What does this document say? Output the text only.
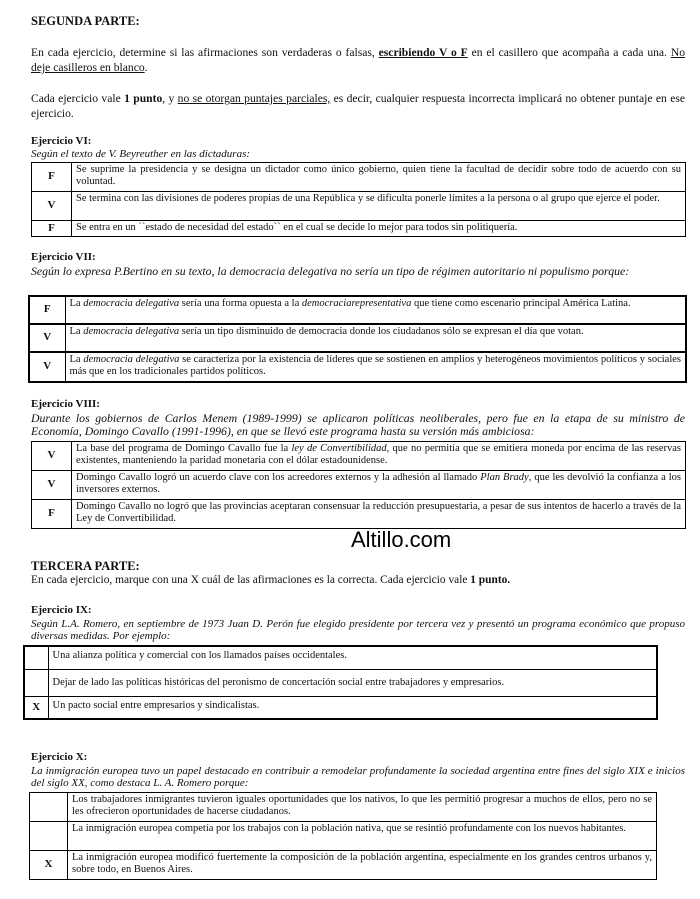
SEGUNDA PARTE:
En cada ejercicio, determine si las afirmaciones son verdaderas o falsas, escribiendo V o F en el casillero que acompaña a cada una. No deje casilleros en blanco.
Cada ejercicio vale 1 punto, y no se otorgan puntajes parciales, es decir, cualquier respuesta incorrecta implicará no obtener puntaje en ese ejercicio.
Ejercicio VI:
Según el texto de V. Beyreuther en las dictaduras:
F	Se suprime la presidencia y se designa un dictador como único gobierno, quien tiene la facultad de decidir sobre todo de acuerdo con su voluntad.
V	Se termina con las divisiones de poderes propias de una República y se dificulta ponerle límites a la persona o al grupo que ejerce el poder.
F	Se entra en un ``estado de necesidad del estado`` en el cual se decide lo mejor para todos sin politiquería.
Ejercicio VII:
Según lo expresa P.Bertino en su texto, la democracia delegativa no sería un tipo de régimen autoritario ni populismo porque:
F	La democracia delegativa sería una forma opuesta a la democraciarepresentativa que tiene como escenario principal América Latina.
V	La democracia delegativa sería un tipo disminuido de democracia donde los ciudadanos sólo se expresan el día que votan.
V	La democracia delegativa se caracteriza por la existencia de líderes que se sostienen en amplios y heterogéneos movimientos políticos y sociales más que en los tradicionales partidos políticos.
Ejercicio VIII:
Durante los gobiernos de Carlos Menem (1989-1999) se aplicaron políticas neoliberales, pero fue en la etapa de su ministro de Economía, Domingo Cavallo (1991-1996), en que se llevó este programa hasta su versión más ambiciosa:
V	La base del programa de Domingo Cavallo fue la ley de Convertibilidad, que no permitía que se emitiera moneda por encima de las reservas existentes, manteniendo la paridad monetaria con el dólar estadounidense.
V	Domingo Cavallo logró un acuerdo clave con los acreedores externos y la adhesión al llamado Plan Brady, que les devolvió la confianza a los inversores externos.
F	Domingo Cavallo no logró que las provincias aceptaran consensuar la reducción presupuestaria, a pesar de sus intentos de hacerlo a través de la Ley de Convertibilidad.
TERCERA PARTE:
En cada ejercicio, marque con una X cuál de las afirmaciones es la correcta. Cada ejercicio vale 1 punto.
Ejercicio IX:
Según L.A. Romero, en septiembre de 1973 Juan D. Perón fue elegido presidente por tercera vez y presentó un programa económico que propuso diversas medidas. Por ejemplo:
	Una alianza política y comercial con los llamados países occidentales.
	Dejar de lado las políticas históricas del peronismo de concertación social entre trabajadores y empresarios.
X	Un pacto social entre empresarios y sindicalistas.
Ejercicio X:
La inmigración europea tuvo un papel destacado en contribuir a remodelar profundamente la sociedad argentina entre fines del siglo XIX e inicios del siglo XX, como destaca L. A. Romero porque:
	Los trabajadores inmigrantes tuvieron iguales oportunidades que los nativos, lo que les permitió progresar a muchos de ellos, pero no se les ofrecieron oportunidades de hacerse ciudadanos.
	La inmigración europea competía por los trabajos con la población nativa, que se resintió profundamente con los nuevos habitantes.
X	La inmigración europea modificó fuertemente la composición de la población argentina, especialmente en los grandes centros urbanos y, sobre todo, en Buenos Aires.
Altillo.com
